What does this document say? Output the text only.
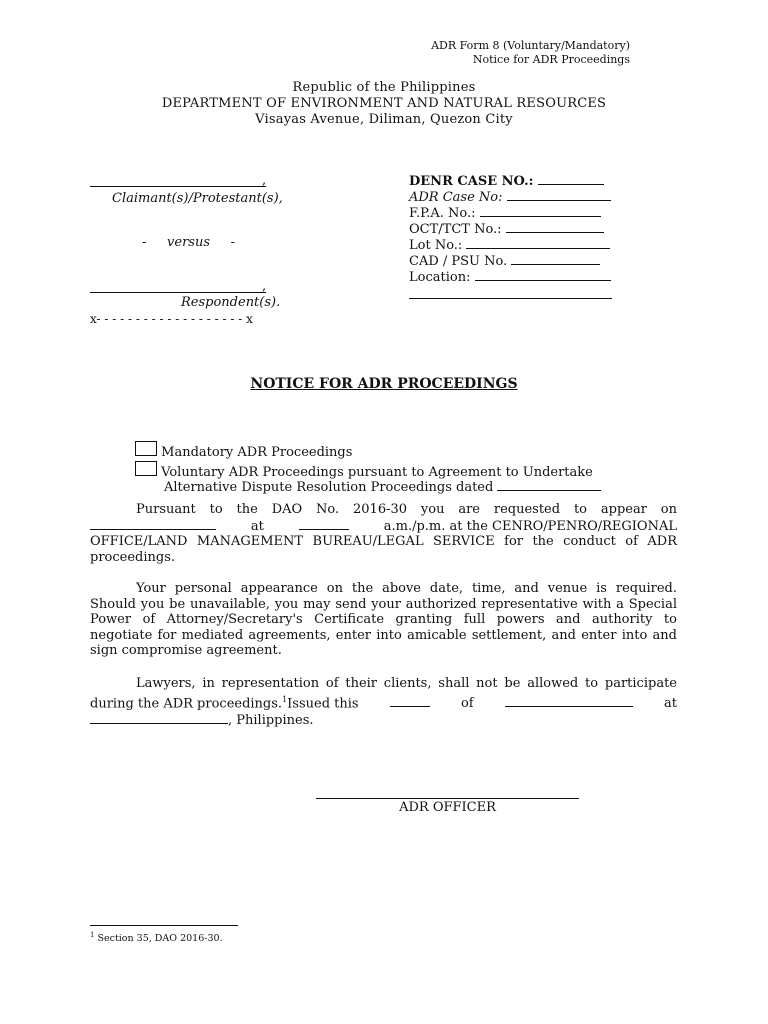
ADR Form 8 (Voluntary/Mandatory)
Notice for ADR Proceedings
Republic of the Philippines
DEPARTMENT OF ENVIRONMENT AND NATURAL RESOURCES
Visayas Avenue, Diliman, Quezon City
,
Claimant(s)/Protestant(s),
-     versus     -
,
Respondent(s).
x- - - - - - - - - - - - - - - - - - - x
DENR CASE NO.:
ADR Case No:
F.P.A. No.:
OCT/TCT No.:
Lot No.:
CAD / PSU No.
Location:
NOTICE FOR ADR PROCEEDINGS
Mandatory ADR Proceedings
Voluntary ADR Proceedings pursuant to Agreement to Undertake
Alternative Dispute Resolution Proceedings dated
Pursuant to the DAO No. 2016-30 you are requested to appear on
at	a.m./p.m. at the CENRO/PENRO/REGIONAL
OFFICE/LAND MANAGEMENT BUREAU/LEGAL SERVICE for the conduct of ADR
proceedings.
Your personal appearance on the above date, time, and venue is required.
Should you be unavailable, you may send your authorized representative with a Special
Power of Attorney/Secretary's Certificate granting full powers and authority to
negotiate for mediated agreements, enter into amicable settlement, and enter into and
sign compromise agreement.
Lawyers, in representation of their clients, shall not be allowed to participate
during the ADR proceedings.$^1$Issued this	of	at
, Philippines.
ADR OFFICER
$^1$ Section 35, DAO 2016-30.
